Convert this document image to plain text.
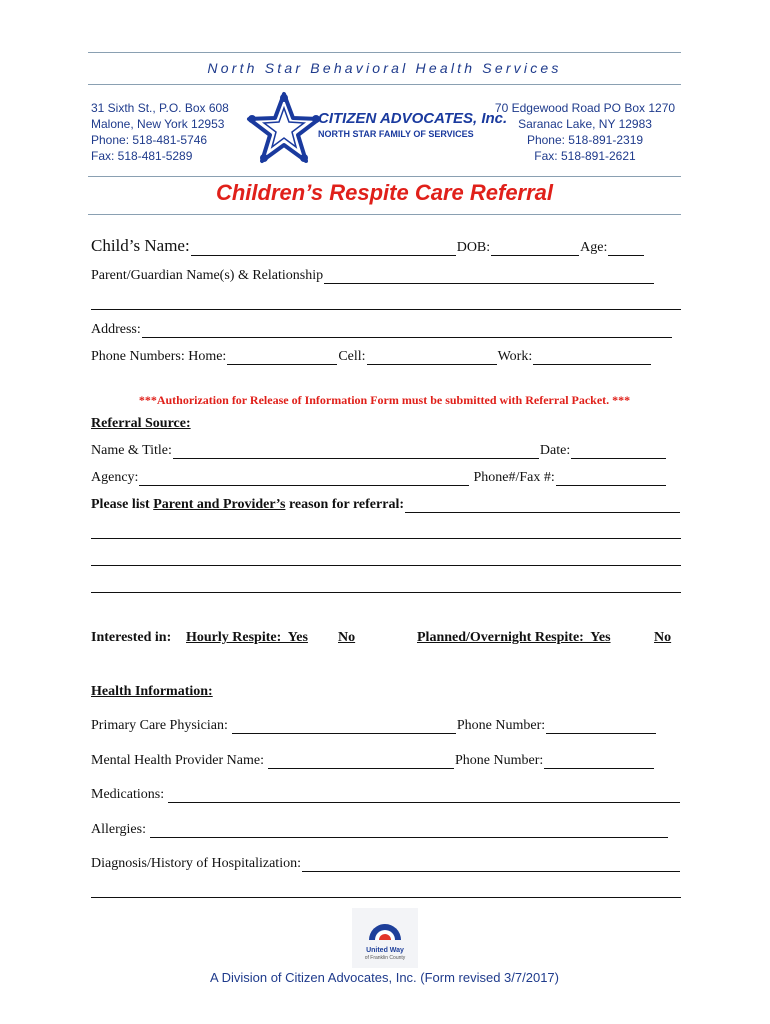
North Star Behavioral Health Services
31 Sixth St., P.O. Box 608
Malone, New York 12953
Phone: 518-481-5746
Fax: 518-481-5289
CITIZEN ADVOCATES, Inc.
NORTH STAR FAMILY OF SERVICES
70 Edgewood Road PO Box 1270
Saranac Lake, NY 12983
Phone: 518-891-2319
Fax: 518-891-2621
Children’s Respite Care Referral
Child’s Name:	DOB:	Age:
Parent/Guardian Name(s) & Relationship
Address:
Phone Numbers: Home:	Cell:	Work:
***Authorization for Release of Information Form must be submitted with Referral Packet. ***
Referral Source:
Name & Title:	Date:
Agency:	Phone#/Fax #:
Please list Parent and Provider’s reason for referral:
Interested in: Hourly Respite:  Yes No	Planned/Overnight Respite:  Yes	No
Health Information:
Primary Care Physician:	Phone Number:
Mental Health Provider Name:	Phone Number:
Medications:
Allergies:
Diagnosis/History of Hospitalization:
United Way
of Franklin County
A Division of Citizen Advocates, Inc. (Form revised 3/7/2017)
